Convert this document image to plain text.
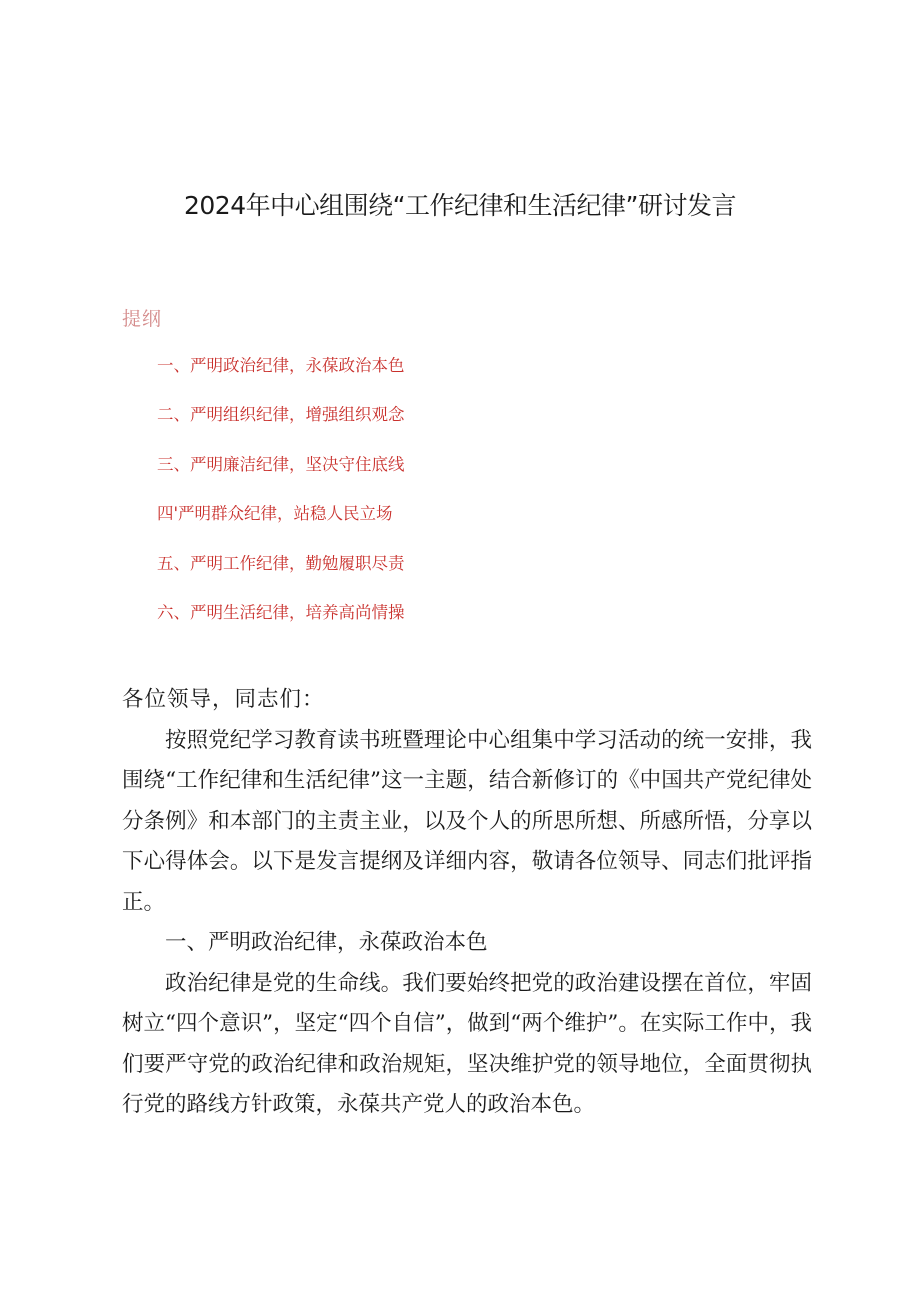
2024年中心组围绕“工作纪律和生活纪律”研讨发言
提纲
一、严明政治纪律，永葆政治本色
二、严明组织纪律，增强组织观念
三、严明廉洁纪律，坚决守住底线
四'严明群众纪律，站稳人民立场
五、严明工作纪律，勤勉履职尽责
六、严明生活纪律，培养高尚情操

各位领导，同志们：

按照党纪学习教育读书班暨理论中心组集中学习活动的统一安排，我围绕“工作纪律和生活纪律”这一主题，结合新修订的《中国共产党纪律处分条例》和本部门的主责主业，以及个人的所思所想、所感所悟，分享以下心得体会。以下是发言提纲及详细内容，敬请各位领导、同志们批评指正。

一、严明政治纪律，永葆政治本色

政治纪律是党的生命线。我们要始终把党的政治建设摆在首位，牢固树立“四个意识”，坚定“四个自信”，做到“两个维护”。在实际工作中，我们要严守党的政治纪律和政治规矩，坚决维护党的领导地位，全面贯彻执行党的路线方针政策，永葆共产党人的政治本色。
